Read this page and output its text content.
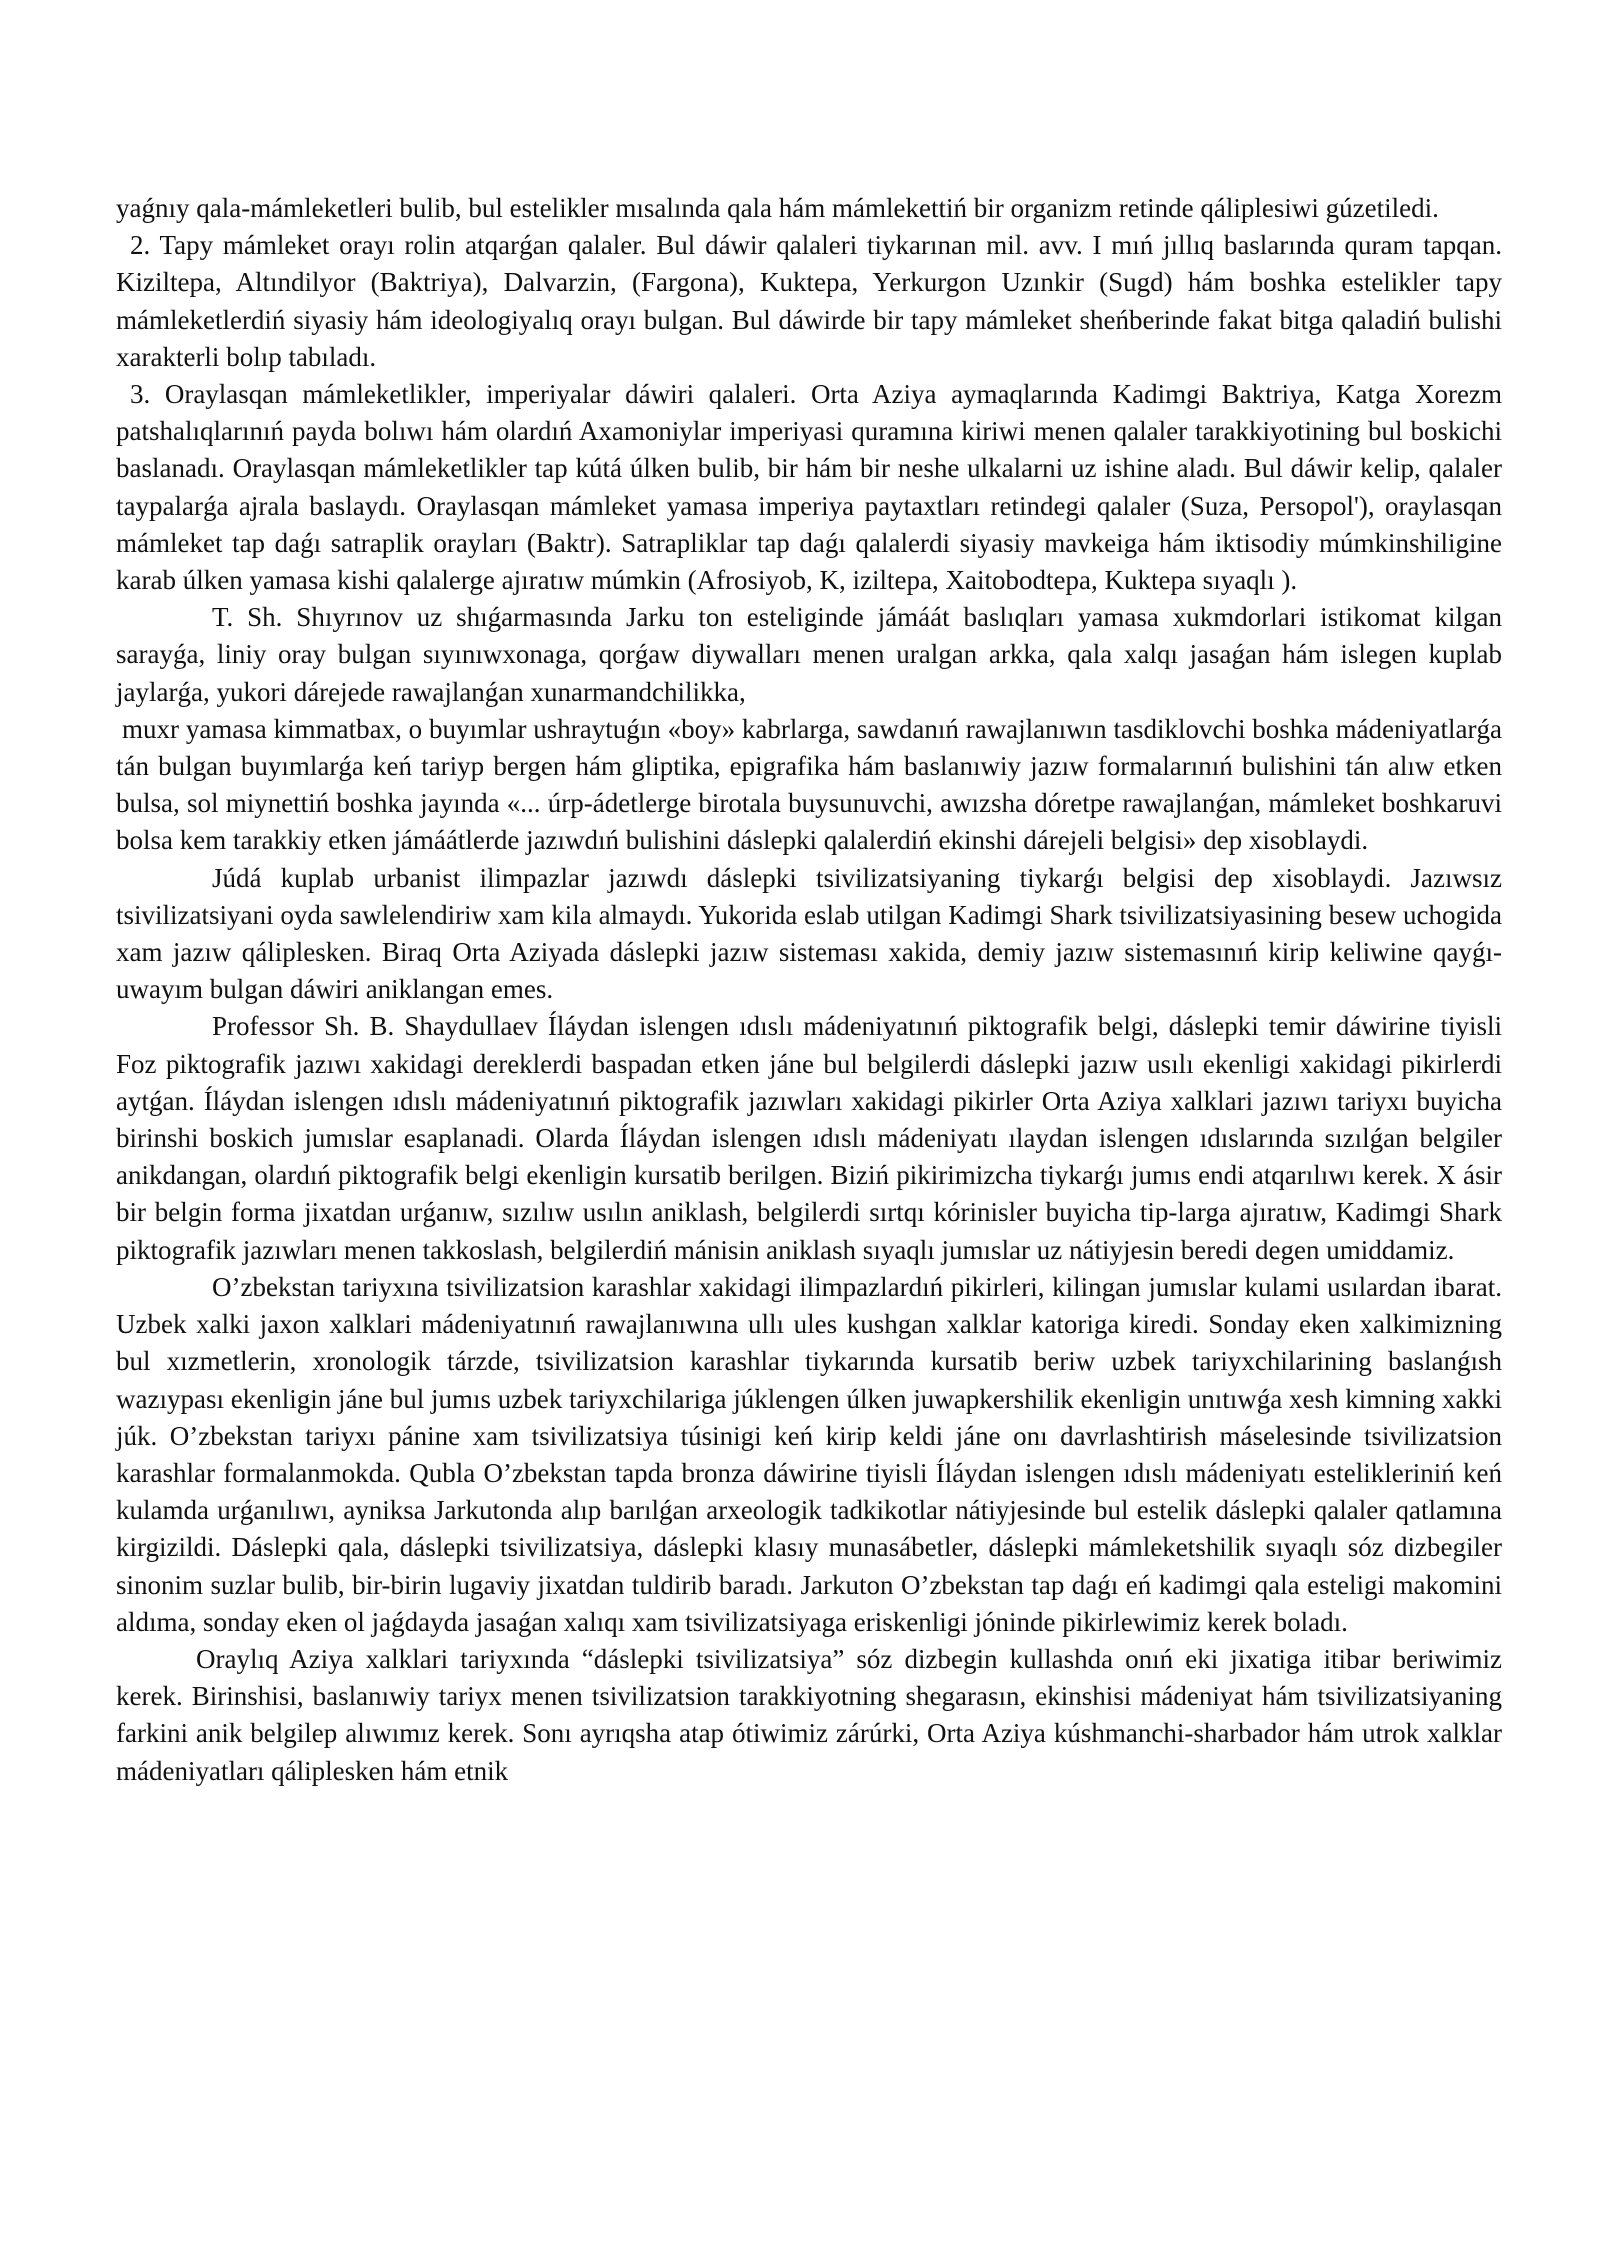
yaǵnıy qala-mámleketleri bulib, bul estelikler mısalında qala hám mámlekettiń bir organizm retinde qáliplesiwi gúzetiledi.

2. Tapy mámleket orayı rolin atqarǵan qalaler. Bul dáwir qalaleri tiykarınan mil. avv. I mıń jıllıq baslarında quram tapqan. Kiziltepa, Altındilyor (Baktriya), Dalvarzin, (Fargona), Kuktepa, Yerkurgon Uzınkir (Sugd) hám boshka estelikler tapy mámleketlerdiń siyasiy hám ideologiyalıq orayı bulgan. Bul dáwirde bir tapy mámleket sheńberinde fakat bitga qaladiń bulishi xarakterli bolıp tabıladı.

3. Oraylasqan mámleketlikler, imperiyalar dáwiri qalaleri. Orta Aziya aymaqlarında Kadimgi Baktriya, Katga Xorezm patshalıqlarınıń payda bolıwı hám olardıń Axamoniylar imperiyasi quramına kiriwi menen qalaler tarakkiyotining bul boskichi baslanadı. Oraylasqan mámleketlikler tap kútá úlken bulib, bir hám bir neshe ulkalarni uz ishine aladı. Bul dáwir kelip, qalaler taypalarǵa ajrala baslaydı. Oraylasqan mámleket yamasa imperiya paytaxtları retindegi qalaler (Suza, Persopol'), oraylasqan mámleket tap daǵı satraplik orayları (Baktr). Satrapliklar tap daǵı qalalerdi siyasiy mavkeiga hám iktisodiy múmkinshiligine karab úlken yamasa kishi qalalerge ajıratıw múmkin (Afrosiyob, K, iziltepa, Xaitobodtepa, Kuktepa sıyaqlı ).

T. Sh. Shıyrınov uz shıǵarmasında Jarku ton esteliginde jámáát baslıqları yamasa xukmdorlari istikomat kilgan sarayǵa, liniy oray bulgan sıyınıwxonaga, qorǵaw diywalları menen uralgan arkka, qala xalqı jasaǵan hám islegen kuplab jaylarǵa, yukori dárejede rawajlanǵan xunarmandchilikka,

muxr yamasa kimmatbax, o buyımlar ushraytuǵın «boy» kabrlarga, sawdanıń rawajlanıwın tasdiklovchi boshka mádeniyatlarǵa tán bulgan buyımlarǵa keń tariyp bergen hám gliptika, epigrafika hám baslanıwiy jazıw formalarınıń bulishini tán alıw etken bulsa, sol miynettiń boshka jayında «... úrp-ádetlerge birotala buysunuvchi, awızsha dóretpe rawajlanǵan, mámleket boshkaruvi bolsa kem tarakkiy etken jámáátlerde jazıwdıń bulishini dáslepki qalalerdiń ekinshi dárejeli belgisi» dep xisoblaydi.

Júdá kuplab urbanist ilimpazlar jazıwdı dáslepki tsivilizatsiyaning tiykarǵı belgisi dep xisoblaydi. Jazıwsız tsivilizatsiyani oyda sawlelendiriw xam kila almaydı. Yukorida eslab utilgan Kadimgi Shark tsivilizatsiyasining besew uchogida xam jazıw qáliplesken. Biraq Orta Aziyada dáslepki jazıw sisteması xakida, demiy jazıw sistemasınıń kirip keliwine qayǵı-uwayım bulgan dáwiri aniklangan emes.

Professor Sh. B. Shaydullaev Íláydan islengen ıdıslı mádeniyatınıń piktografik belgi, dáslepki temir dáwirine tiyisli Foz piktografik jazıwı xakidagi dereklerdi baspadan etken jáne bul belgilerdi dáslepki jazıw usılı ekenligi xakidagi pikirlerdi aytǵan. Íláydan islengen ıdıslı mádeniyatınıń piktografik jazıwları xakidagi pikirler Orta Aziya xalklari jazıwı tariyxı buyicha birinshi boskich jumıslar esaplanadi. Olarda Íláydan islengen ıdıslı mádeniyatı ılaydan islengen ıdıslarında sızılǵan belgiler anikdangan, olardıń piktografik belgi ekenligin kursatib berilgen. Biziń pikirimizcha tiykarǵı jumıs endi atqarılıwı kerek. X ásir bir belgin forma jixatdan urǵanıw, sızılıw usılın aniklash, belgilerdi sırtqı kórinisler buyicha tip-larga ajıratıw, Kadimgi Shark piktografik jazıwları menen takkoslash, belgilerdiń mánisin aniklash sıyaqlı jumıslar uz nátiyjesin beredi degen umiddamiz.

O’zbekstan tariyxına tsivilizatsion karashlar xakidagi ilimpazlardıń pikirleri, kilingan jumıslar kulami usılardan ibarat. Uzbek xalki jaxon xalklari mádeniyatınıń rawajlanıwına ullı ules kushgan xalklar katoriga kiredi. Sonday eken xalkimizning bul xızmetlerin, xronologik tárzde, tsivilizatsion karashlar tiykarında kursatib beriw uzbek tariyxchilarining baslanǵısh wazıypası ekenligin jáne bul jumıs uzbek tariyxchilariga júklengen úlken juwapkershilik ekenligin unıtıwǵa xesh kimning xakki júk. O’zbekstan tariyxı pánine xam tsivilizatsiya túsinigi keń kirip keldi jáne onı davrlashtirish máselesinde tsivilizatsion karashlar formalanmokda. Qubla O’zbekstan tapda bronza dáwirine tiyisli Íláydan islengen ıdıslı mádeniyatı estelikleriniń keń kulamda urǵanılıwı, ayniksa Jarkutonda alıp barılǵan arxeologik tadkikotlar nátiyjesinde bul estelik dáslepki qalaler qatlamına kirgizildi. Dáslepki qala, dáslepki tsivilizatsiya, dáslepki klasıy munasábetler, dáslepki mámleketshilik sıyaqlı sóz dizbegiler sinonim suzlar bulib, bir-birin lugaviy jixatdan tuldirib baradı. Jarkuton O’zbekstan tap daǵı eń kadimgi qala esteligi makomini aldıma, sonday eken ol jaǵdayda jasaǵan xalıqı xam tsivilizatsiyaga eriskenligi jóninde pikirlewimiz kerek boladı.

Oraylıq Aziya xalklari tariyxında “dáslepki tsivilizatsiya” sóz dizbegin kullashda onıń eki jixatiga itibar beriwimiz kerek. Birinshisi, baslanıwiy tariyx menen tsivilizatsion tarakkiyotning shegarasın, ekinshisi mádeniyat hám tsivilizatsiyaning farkini anik belgilep alıwımız kerek. Sonı ayrıqsha atap ótiwimiz zárúrki, Orta Aziya kúshmanchi-sharbador hám utrok xalklar mádeniyatları qáliplesken hám etnik
